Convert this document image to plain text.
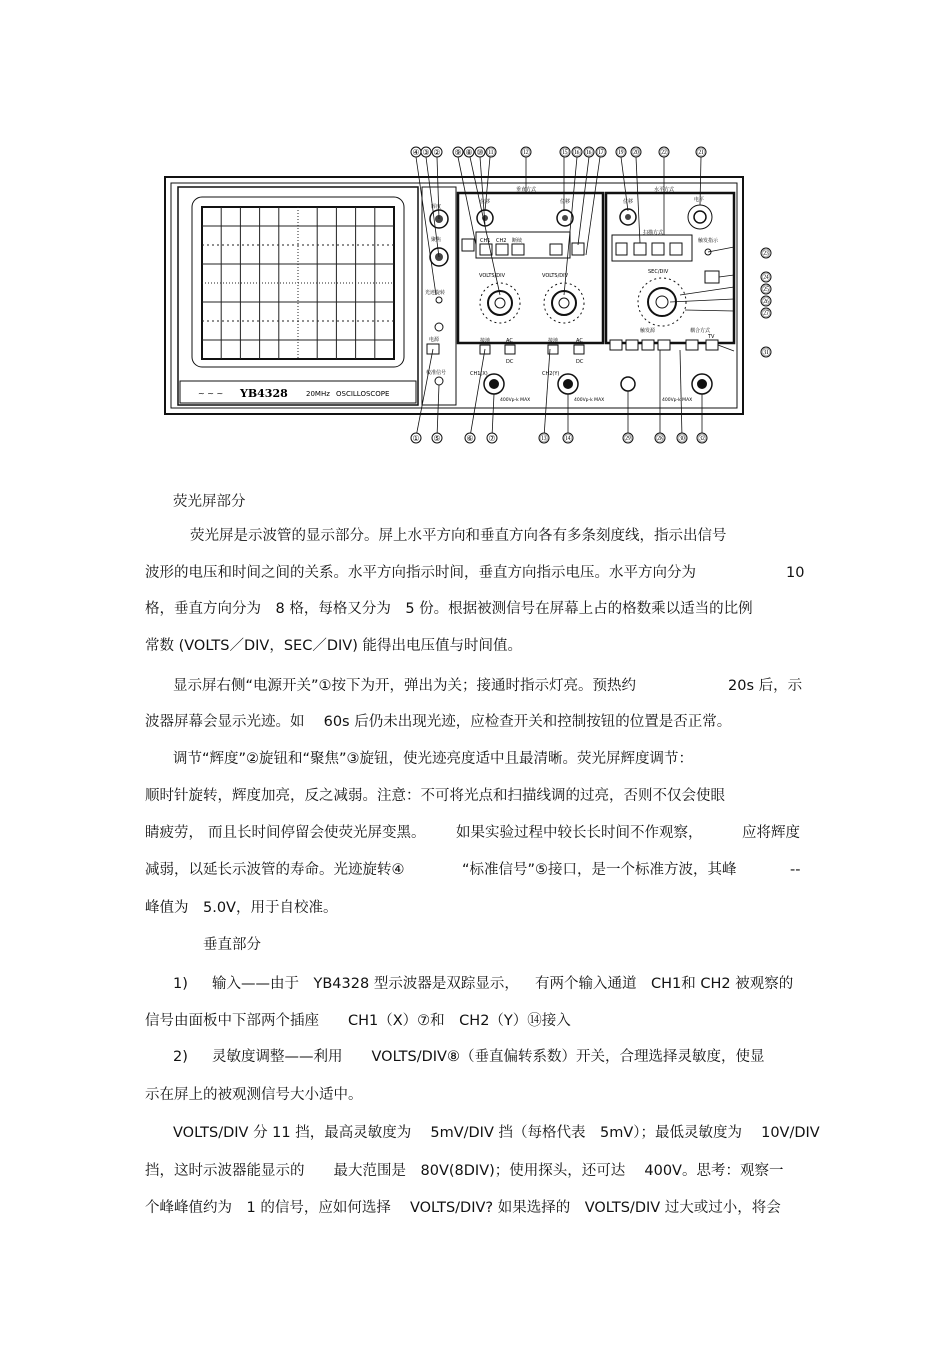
~ ~ ~ YB4328	20MHz OSCILLOSCOPE
辉度
聚焦
光迹旋转
电源
校准信号
垂直方式
位移	位移
CH1 CH2 断续
VOLTS/DIV	VOLTS/DIV
接地	AC
DC
接地	AC
DC
CH1(X)
400Vp-k MAX
CH2(Y)
400Vp-k MAX
水平方式
位移	电平
扫描方式
触发指示
SEC/DIV
触发源	耦合方式
TV
400Vp-k MAX
④ ③ ② ⑨ ⑧ ⑩ ⑪	⑫	⑮ ⑯ ⑯ ⑰ ⑲ ⑳	㉒	㉑
① ⑤	⑥ ⑦	⑬ ⑭	㉙	㉘ ㉚ ㉜
㉓
㉔
㉕
㉖
㉗
㉛
荧光屏部分
荧光屏是示波管的显示部分。屏上水平方向和垂直方向各有多条刻度线，指示出信号
波形的电压和时间之间的关系。水平方向指示时间，垂直方向指示电压。水平方向分为	10
格，垂直方向分为　8 格，每格又分为　5 份。根据被测信号在屏幕上占的格数乘以适当的比例
常数 (VOLTS／DIV，SEC／DIV) 能得出电压值与时间值。
显示屏右侧“电源开关”①按下为开，弹出为关；接通时指示灯亮。预热约	20s 后，示
波器屏幕会显示光迹。如　 60s 后仍未出现光迹，应检查开关和控制按钮的位置是否正常。
调节“辉度”②旋钮和“聚焦”③旋钮，使光迹亮度适中且最清晰。荧光屏辉度调节：
顺时针旋转，辉度加亮，反之减弱。注意：不可将光点和扫描线调的过亮，否则不仅会使眼
睛疲劳， 而且长时间停留会使荧光屏变黑。 如果实验过程中较长长时间不作观察，	应将辉度
减弱，以延长示波管的寿命。光迹旋转④	“标准信号”⑤接口，是一个标准方波，其峰	--
峰值为　5.0V，用于自校准。
垂直部分
1) 输入——由于　YB4328 型示波器是双踪显示， 有两个输入通道　CH1和 CH2 被观察的
信号由面板中下部两个插座　　CH1（X）⑦和　CH2（Y）⑭接入
2) 灵敏度调整——利用　　VOLTS/DIV⑧（垂直偏转系数）开关，合理选择灵敏度，使显
示在屏上的被观测信号大小适中。
VOLTS/DIV 分 11 挡，最高灵敏度为　 5mV/DIV 挡（每格代表　5mV）；最低灵敏度为　 10V/DIV
挡，这时示波器能显示的　　最大范围是　80V(8DIV)；使用探头，还可达　 400V。思考：观察一
个峰峰值约为　1 的信号，应如何选择　 VOLTS/DIV? 如果选择的　VOLTS/DIV 过大或过小，将会
